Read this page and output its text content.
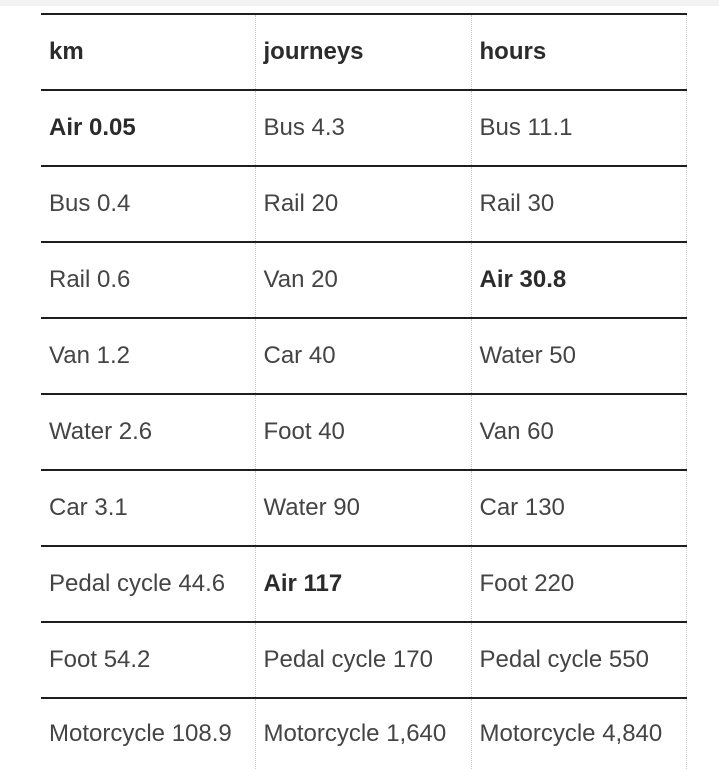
km	journeys	hours
Air 0.05	Bus 4.3	Bus 11.1
Bus 0.4	Rail 20	Rail 30
Rail 0.6	Van 20	Air 30.8
Van 1.2	Car 40	Water 50
Water 2.6	Foot 40	Van 60
Car 3.1	Water 90	Car 130
Pedal cycle 44.6	Air 117	Foot 220
Foot 54.2	Pedal cycle 170	Pedal cycle 550
Motorcycle 108.9	Motorcycle 1,640	Motorcycle 4,840
